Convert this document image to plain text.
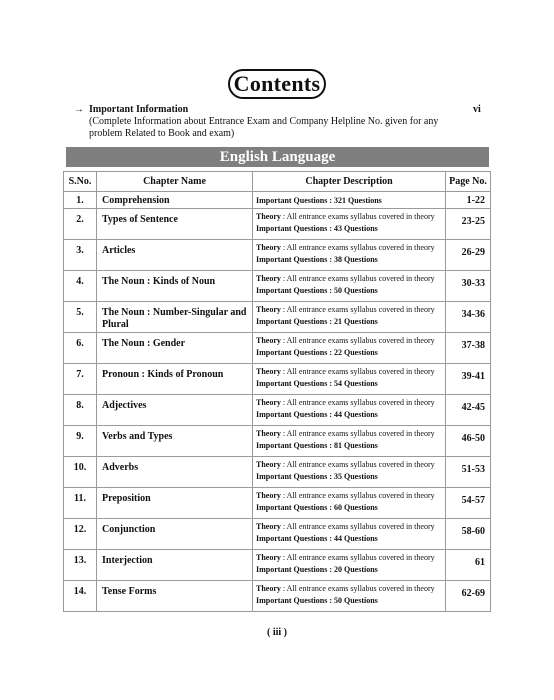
Contents
→ Important Information
(Complete Information about Entrance Exam and Company Helpline No. given for any problem Related to Book and exam)
vi
English Language
S.No.	Chapter Name	Chapter Description	Page No.
1.	Comprehension	Important Questions : 321 Questions	1-22
2.	Types of Sentence	Theory : All entrance exams syllabus covered in theory
Important Questions : 43 Questions	23-25
3.	Articles	Theory : All entrance exams syllabus covered in theory
Important Questions : 38 Questions	26-29
4.	The Noun : Kinds of Noun	Theory : All entrance exams syllabus covered in theory
Important Questions : 50 Questions	30-33
5.	The Noun : Number-Singular and Plural	Theory : All entrance exams syllabus covered in theory
Important Questions : 21 Questions	34-36
6.	The Noun : Gender	Theory : All entrance exams syllabus covered in theory
Important Questions : 22 Questions	37-38
7.	Pronoun : Kinds of Pronoun	Theory : All entrance exams syllabus covered in theory
Important Questions : 54 Questions	39-41
8.	Adjectives	Theory : All entrance exams syllabus covered in theory
Important Questions : 44 Questions	42-45
9.	Verbs and Types	Theory : All entrance exams syllabus covered in theory
Important Questions : 81 Questions	46-50
10.	Adverbs	Theory : All entrance exams syllabus covered in theory
Important Questions : 35 Questions	51-53
11.	Preposition	Theory : All entrance exams syllabus covered in theory
Important Questions : 60 Questions	54-57
12.	Conjunction	Theory : All entrance exams syllabus covered in theory
Important Questions : 44 Questions	58-60
13.	Interjection	Theory : All entrance exams syllabus covered in theory
Important Questions : 20 Questions	61
14.	Tense Forms	Theory : All entrance exams syllabus covered in theory
Important Questions : 50 Questions	62-69
( iii )
